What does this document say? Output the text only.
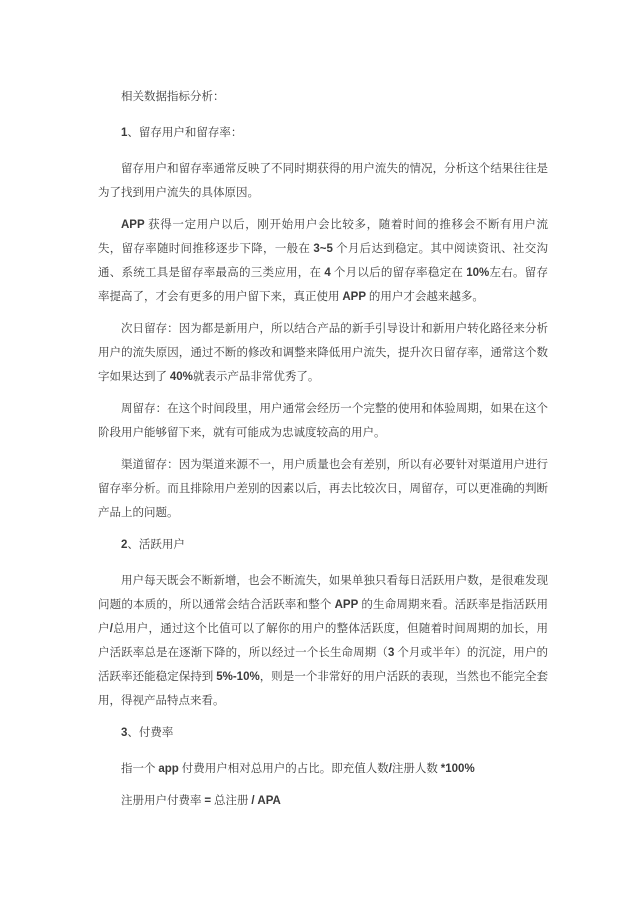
相关数据指标分析：

1、留存用户和留存率：

留存用户和留存率通常反映了不同时期获得的用户流失的情况，分析这个结果往往是为了找到用户流失的具体原因。

APP 获得一定用户以后，刚开始用户会比较多，随着时间的推移会不断有用户流失，留存率随时间推移逐步下降，一般在 3~5 个月后达到稳定。其中阅读资讯、社交沟通、系统工具是留存率最高的三类应用，在 4 个月以后的留存率稳定在 10%左右。留存率提高了，才会有更多的用户留下来，真正使用 APP 的用户才会越来越多。

次日留存：因为都是新用户，所以结合产品的新手引导设计和新用户转化路径来分析用户的流失原因，通过不断的修改和调整来降低用户流失，提升次日留存率，通常这个数字如果达到了 40%就表示产品非常优秀了。

周留存：在这个时间段里，用户通常会经历一个完整的使用和体验周期，如果在这个阶段用户能够留下来，就有可能成为忠诚度较高的用户。

渠道留存：因为渠道来源不一，用户质量也会有差别，所以有必要针对渠道用户进行留存率分析。而且排除用户差别的因素以后，再去比较次日，周留存，可以更准确的判断产品上的问题。

2、活跃用户

用户每天既会不断新增，也会不断流失，如果单独只看每日活跃用户数，是很难发现问题的本质的，所以通常会结合活跃率和整个 APP 的生命周期来看。活跃率是指活跃用户/总用户，通过这个比值可以了解你的用户的整体活跃度，但随着时间周期的加长，用户活跃率总是在逐渐下降的，所以经过一个长生命周期（3 个月或半年）的沉淀，用户的活跃率还能稳定保持到 5%-10%，则是一个非常好的用户活跃的表现，当然也不能完全套用，得视产品特点来看。

3、付费率

指一个 app 付费用户相对总用户的占比。即充值人数/注册人数 *100%

注册用户付费率 = 总注册 / APA
